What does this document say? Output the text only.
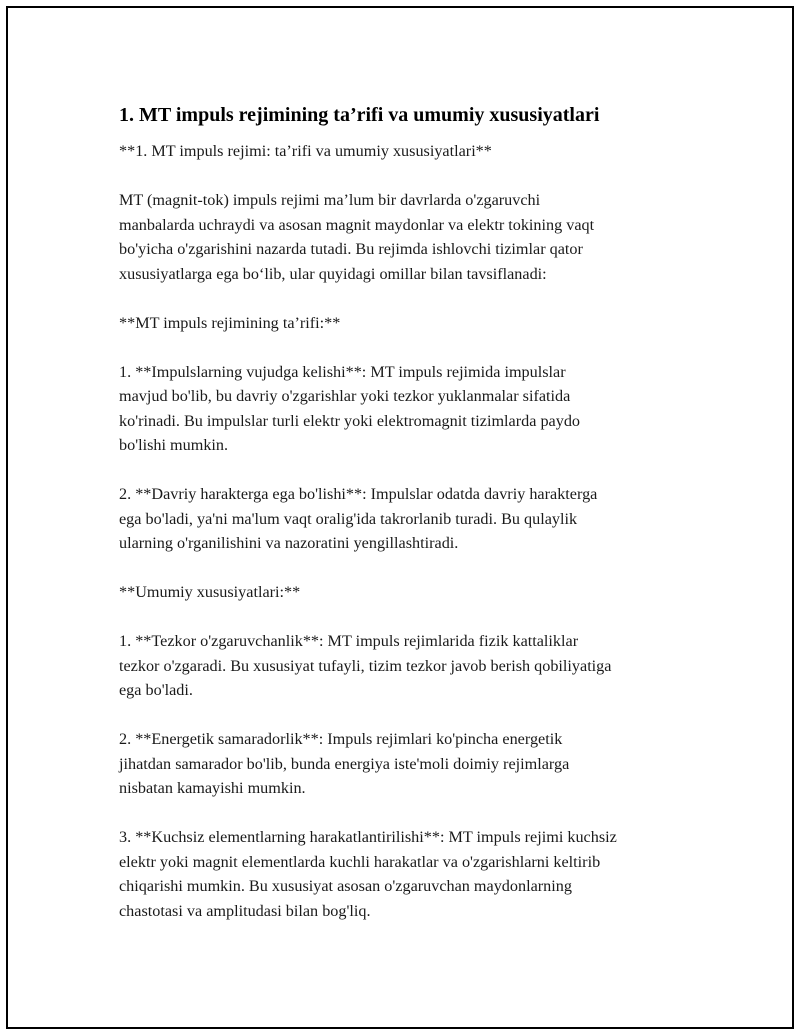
1. MT impuls rejimining ta’rifi va umumiy xususiyatlari
**1. MT impuls rejimi: ta’rifi va umumiy xususiyatlari**
MT (magnit-tok) impuls rejimi ma’lum bir davrlarda o'zgaruvchi
manbalarda uchraydi va asosan magnit maydonlar va elektr tokining vaqt
bo'yicha o'zgarishini nazarda tutadi. Bu rejimda ishlovchi tizimlar qator
xususiyatlarga ega bo‘lib, ular quyidagi omillar bilan tavsiflanadi:
**MT impuls rejimining ta’rifi:**
1. **Impulslarning vujudga kelishi**: MT impuls rejimida impulslar
mavjud bo'lib, bu davriy o'zgarishlar yoki tezkor yuklanmalar sifatida
ko'rinadi. Bu impulslar turli elektr yoki elektromagnit tizimlarda paydo
bo'lishi mumkin.
2. **Davriy harakterga ega bo'lishi**: Impulslar odatda davriy harakterga
ega bo'ladi, ya'ni ma'lum vaqt oralig'ida takrorlanib turadi. Bu qulaylik
ularning o'rganilishini va nazoratini yengillashtiradi.
**Umumiy xususiyatlari:**
1. **Tezkor o'zgaruvchanlik**: MT impuls rejimlarida fizik kattaliklar
tezkor o'zgaradi. Bu xususiyat tufayli, tizim tezkor javob berish qobiliyatiga
ega bo'ladi.
2. **Energetik samaradorlik**: Impuls rejimlari ko'pincha energetik
jihatdan samarador bo'lib, bunda energiya iste'moli doimiy rejimlarga
nisbatan kamayishi mumkin.
3. **Kuchsiz elementlarning harakatlantirilishi**: MT impuls rejimi kuchsiz
elektr yoki magnit elementlarda kuchli harakatlar va o'zgarishlarni keltirib
chiqarishi mumkin. Bu xususiyat asosan o'zgaruvchan maydonlarning
chastotasi va amplitudasi bilan bog'liq.
